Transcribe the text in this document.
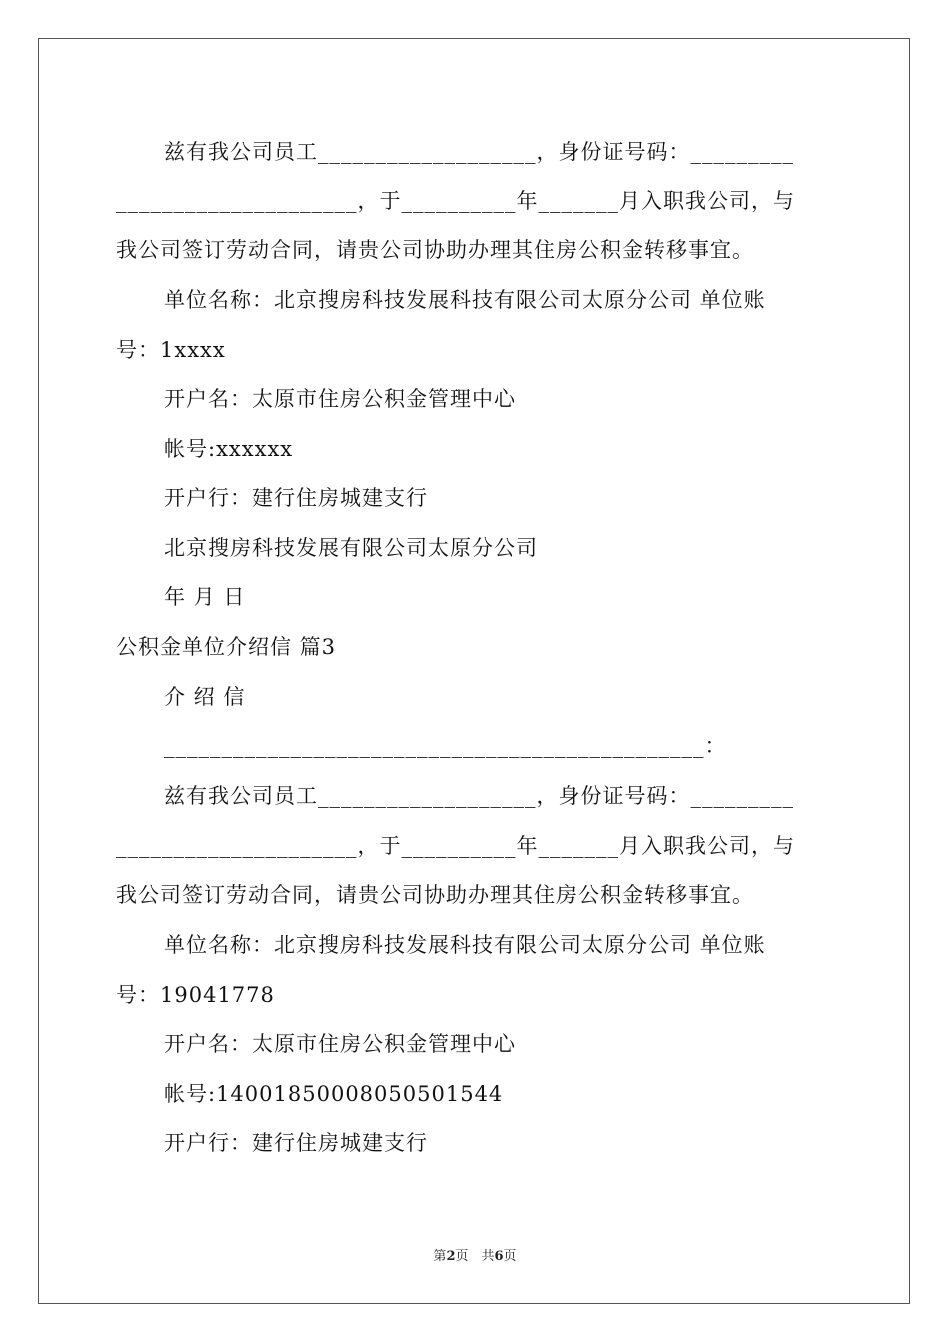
兹有我公司员工___________________，身份证号码：_________
_____________________，于__________年_______月入职我公司，与
我公司签订劳动合同，请贵公司协助办理其住房公积金转移事宜。
单位名称：北京搜房科技发展科技有限公司太原分公司 单位账
号：1xxxx
开户名：太原市住房公积金管理中心
帐号:xxxxxx
开户行：建行住房城建支行
北京搜房科技发展有限公司太原分公司
年 月 日
公积金单位介绍信 篇3
介 绍 信
_______________________________________________：
兹有我公司员工___________________，身份证号码：_________
_____________________，于__________年_______月入职我公司，与
我公司签订劳动合同，请贵公司协助办理其住房公积金转移事宜。
单位名称：北京搜房科技发展科技有限公司太原分公司 单位账
号：19041778
开户名：太原市住房公积金管理中心
帐号:14001850008050501544
开户行：建行住房城建支行
第2页　共6页
